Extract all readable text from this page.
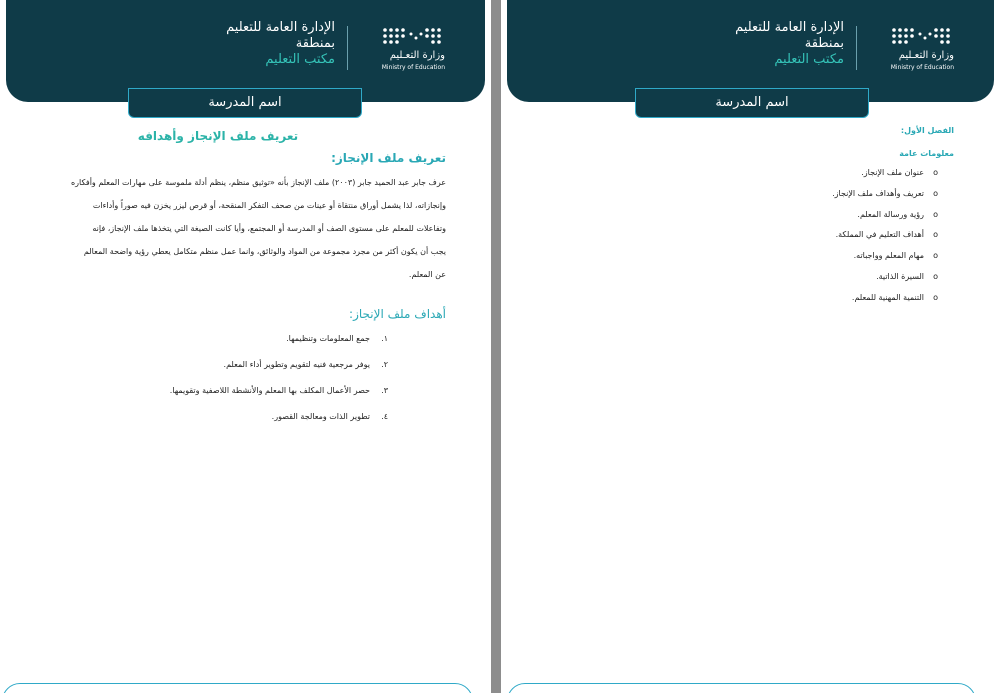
الإدارة العامة للتعليم
بمنطقة
مكتب التعليم	وزارة التعـليم
Ministry of Education
اسم المدرسة
تعريف ملف الإنجاز وأهدافه
تعريف ملف الإنجاز:
عرف جابر عبد الحميد جابر (٢٠٠٣) ملف الإنجاز بأنه «توثيق منظم، ينظم أدلة ملموسة على مهارات المعلم وأفكاره
وإنجازاته، لذا يشمل أوراق منتقاة أو عينات من صحف التفكر المنقحة، أو قرص ليزر يخزن فيه صوراً وأداءات
وتفاعلات للمعلم على مستوى الصف أو المدرسة أو المجتمع، وأيا كانت الصيغة التي يتخذها ملف الإنجاز، فإنه
يجب أن يكون أكثر من مجرد مجموعة من المواد والوثائق، وانما عمل منظم متكامل يعطي رؤية واضحة المعالم
عن المعلم.
أهداف ملف الإنجاز:
١.جمع المعلومات وتنظيمها.
٢.يوفر مرجعية فنيه لتقويم وتطوير أداء المعلم.
٣.حصر الأعمال المكلف بها المعلم والأنشطة اللاصفية وتقويمها.
٤.تطوير الذات ومعالجة القصور.
الإدارة العامة للتعليم
بمنطقة
مكتب التعليم	وزارة التعـليم
Ministry of Education
اسم المدرسة
الفصل الأول:
معلومات عامة
oعنوان ملف الإنجاز.
oتعريف وأهداف ملف الإنجاز.
oرؤية ورسالة المعلم.
oأهداف التعليم في المملكة.
oمهام المعلم وواجباته.
oالسيرة الذاتية.
oالتنمية المهنية للمعلم.
